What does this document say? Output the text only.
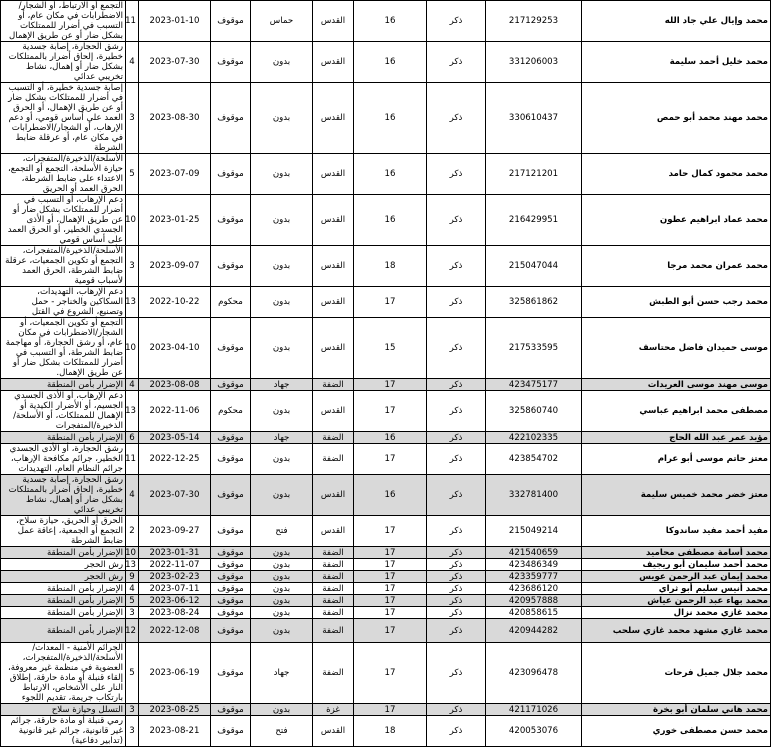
محمد وإيال علي جاد الله	217129253	ذكر	16	القدس	حماس	موقوف	2023-01-10	11	التجمع أو الارتباط، أو الشجار/الاضطرابات في مكان عام، أو التسبب في أضرار للممتلكات بشكل ضار أو عن طريق الإهمال
محمد خليل أحمد سليمة	331206003	ذكر	16	القدس	بدون	موقوف	2023-07-30	4	رشق الحجارة، إصابة جسدية خطيرة، إلحاق أضرار بالممتلكات بشكل ضار أو إهمال، نشاط تخريبي عدائي
محمد مهند محمد أبو حمص	330610437	ذكر	16	القدس	بدون	موقوف	2023-08-30	3	إصابة جسدية خطيرة، أو التسبب في أضرار للممتلكات بشكل ضار أو عن طريق الإهمال، أو الحرق العمد على أساس قومي، أو دعم الإرهاب، أو الشجار/الاضطرابات في مكان عام، أو عرقلة ضابط الشرطة
محمد محمود كمال حامد	217121201	ذكر	16	القدس	بدون	موقوف	2023-07-09	5	الأسلحة/الذخيرة/المتفجرات، حيازة الأسلحة، التجمع أو التجمع، الاعتداء على ضابط الشرطة، الحرق العمد أو الحريق
محمد عماد ابراهيم عطون	216429951	ذكر	16	القدس	بدون	موقوف	2023-01-25	10	دعم الإرهاب، أو التسبب في أضرار للممتلكات بشكل ضار أو عن طريق الإهمال، أو الأذى الجسدي الخطير، أو الحرق العمد على أساس قومي
محمد عمران محمد مرجا	215047044	ذكر	18	القدس	بدون	موقوف	2023-09-07	3	الأسلحة/الذخيرة/المتفجرات، التجمع أو تكوين الجمعيات، عرقلة ضابط الشرطة، الحرق العمد لأسباب قومية
محمد رجب حسن أبو الطبش	325861862	ذكر	17	القدس	بدون	محكوم	2022-10-22	13	دعم الإرهاب، التهديدات، السكاكين والخناجر - حمل وتصنيع، الشروع في القتل
موسى حميدان فاضل محتاسف	217533595	ذكر	15	القدس	بدون	موقوف	2023-04-10	10	التجمع أو تكوين الجمعيات، أو الشجار/الاضطرابات في مكان عام، أو رشق الحجارة، أو مهاجمة ضابط الشرطة، أو التسبب في أضرار للممتلكات بشكل ضار أو عن طريق الإهمال.
موسى مهند موسى العريدات	423475177	ذكر	17	الضفة	جهاد	موقوف	2023-08-08	4	الإضرار بأمن المنطقة
مصطفى محمد ابراهيم عباسي	325860740	ذكر	17	القدس	بدون	محكوم	2022-11-06	13	دعم الإرهاب، أو الأذى الجسدي الجسيم، أو الأضرار الكيدية أو الإهمال للممتلكات، أو الأسلحة/الذخيرة/المتفجرات
مؤيد عمر عبد الله الحاج	422102335	ذكر	16	الضفة	جهاد	موقوف	2023-05-14	6	الإضرار بأمن المنطقة
معتز حاتم موسى أبو عرام	423854702	ذكر	17	الضفة	بدون	موقوف	2022-12-25	11	رشق الحجارة، أو الأذى الجسدي الخطير، جرائم مكافحة الإرهاب، جرائم النظام العام، التهديدات
معتز خضر محمد خميس سليمة	332781400	ذكر	16	القدس	بدون	موقوف	2023-07-30	4	رشق الحجارة، إصابة جسدية خطيرة، إلحاق أضرار بالممتلكات بشكل ضار أو إهمال، نشاط تخريبي عدائي
مفيد أحمد مفيد ساندوكا	215049214	ذكر	17	القدس	فتح	موقوف	2023-09-27	2	الحرق أو الحريق، حيازة سلاح، التجمع أو الجمعية، إعاقة عمل ضابط الشرطة
محمد أسامة مصطفى محاميد	421540659	ذكر	17	الضفة	بدون	موقوف	2023-01-31	10	الإضرار بأمن المنطقة
محمد أحمد سليمان أبو ريجيف	423486349	ذكر	17	الضفة	بدون	موقوف	2022-11-07	13	رش الحجر
محمد إيمان عبد الرحمن عويس	423359777	ذكر	17	الضفة	بدون	موقوف	2023-02-23	9	رش الحجر
محمد أنيس سليم أبو ثراي	423686120	ذكر	17	الضفة	بدون	موقوف	2023-07-11	4	الإضرار بأمن المنطقة
محمد بهاء عبد الرحمن عياش	420957888	ذكر	17	الضفة	بدون	موقوف	2023-06-12	5	الإضرار بأمن المنطقة
محمد غازي محمد نزال	420858615	ذكر	17	الضفة	بدون	موقوف	2023-08-24	3	الإضرار بأمن المنطقة
محمد غازي مشهد محمد غازي سلحب	420944282	ذكر	17	الضفة	بدون	موقوف	2022-12-08	12	الإضرار بأمن المنطقة
محمد جلال جميل فرحات	423096478	ذكر	17	الضفة	جهاد	موقوف	2023-06-19	5	الجرائم الأمنية - المعدات/الأسلحة/الذخيرة/المتفجرات، العضوية في منظمة غير معروفة، إلقاء قنبلة أو مادة حارقة، إطلاق النار على الأشخاص، الارتباط بارتكاب جريمة، تقديم اللجوء
محمد هاني سلمان أبو بخرة	421171026	ذكر	17	غزة	بدون	موقوف	2023-08-25	3	التسلل وحيازة سلاح
محمد حسن مصطفى خوري	420053076	ذكر	18	القدس	فتح	موقوف	2023-08-21	3	رمي قنبلة أو مادة حارقة، جرائم غير قانونية، جرائم غير قانونية (تدابير دفاعية)
